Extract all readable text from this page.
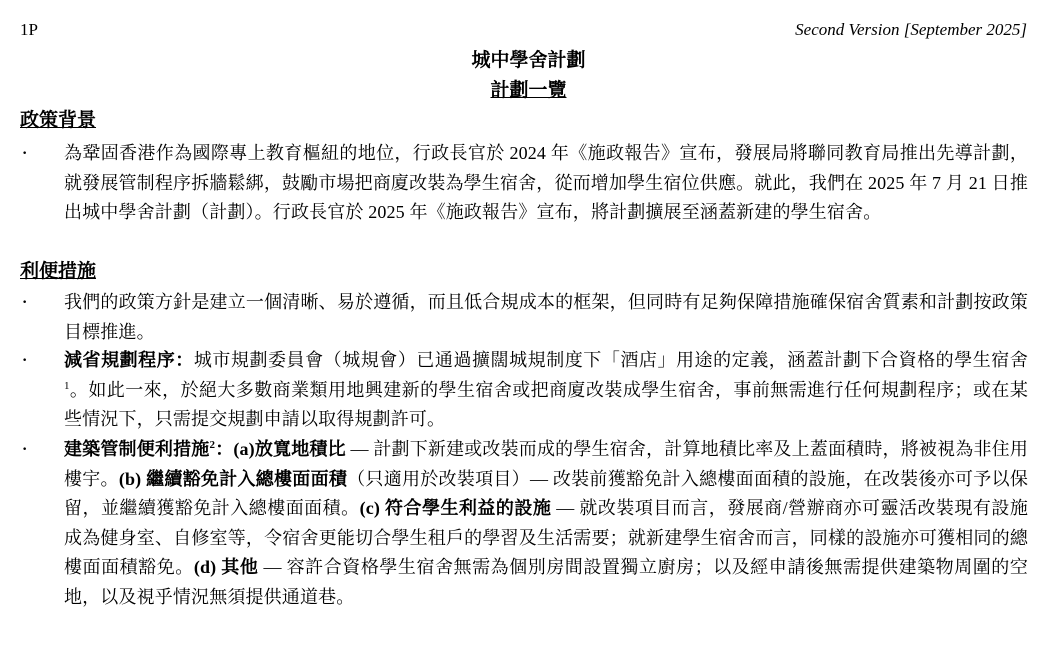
1P	Second Version [September 2025]
城中學舍計劃
計劃一覽
政策背景
· 為鞏固香港作為國際專上教育樞紐的地位，行政長官於 2024 年《施政報告》宣布，發展局將聯同教育局推出先導計劃，就發展管制程序拆牆鬆綁，鼓勵市場把商廈改裝為學生宿舍，從而增加學生宿位供應。就此，我們在 2025 年 7 月 21 日推出城中學舍計劃（計劃）。行政長官於 2025 年《施政報告》宣布，將計劃擴展至涵蓋新建的學生宿舍。
利便措施
· 我們的政策方針是建立一個清晰、易於遵循，而且低合規成本的框架，但同時有足夠保障措施確保宿舍質素和計劃按政策目標推進。
· 減省規劃程序：城市規劃委員會（城規會）已通過擴闊城規制度下「酒店」用途的定義，涵蓋計劃下合資格的學生宿舍$^1$。如此一來，於絕大多數商業類用地興建新的學生宿舍或把商廈改裝成學生宿舍，事前無需進行任何規劃程序；或在某些情況下，只需提交規劃申請以取得規劃許可。
· 建築管制便利措施$^2$：(a)放寬地積比 — 計劃下新建或改裝而成的學生宿舍，計算地積比率及上蓋面積時，將被視為非住用樓宇。(b) 繼續豁免計入總樓面面積（只適用於改裝項目）— 改裝前獲豁免計入總樓面面積的設施，在改裝後亦可予以保留，並繼續獲豁免計入總樓面面積。(c) 符合學生利益的設施 — 就改裝項目而言，發展商/營辦商亦可靈活改裝現有設施成為健身室、自修室等，令宿舍更能切合學生租戶的學習及生活需要；就新建學生宿舍而言，同樣的設施亦可獲相同的總樓面面積豁免。(d) 其他 — 容許合資格學生宿舍無需為個別房間設置獨立廚房；以及經申請後無需提供建築物周圍的空地，以及視乎情況無須提供通道巷。
